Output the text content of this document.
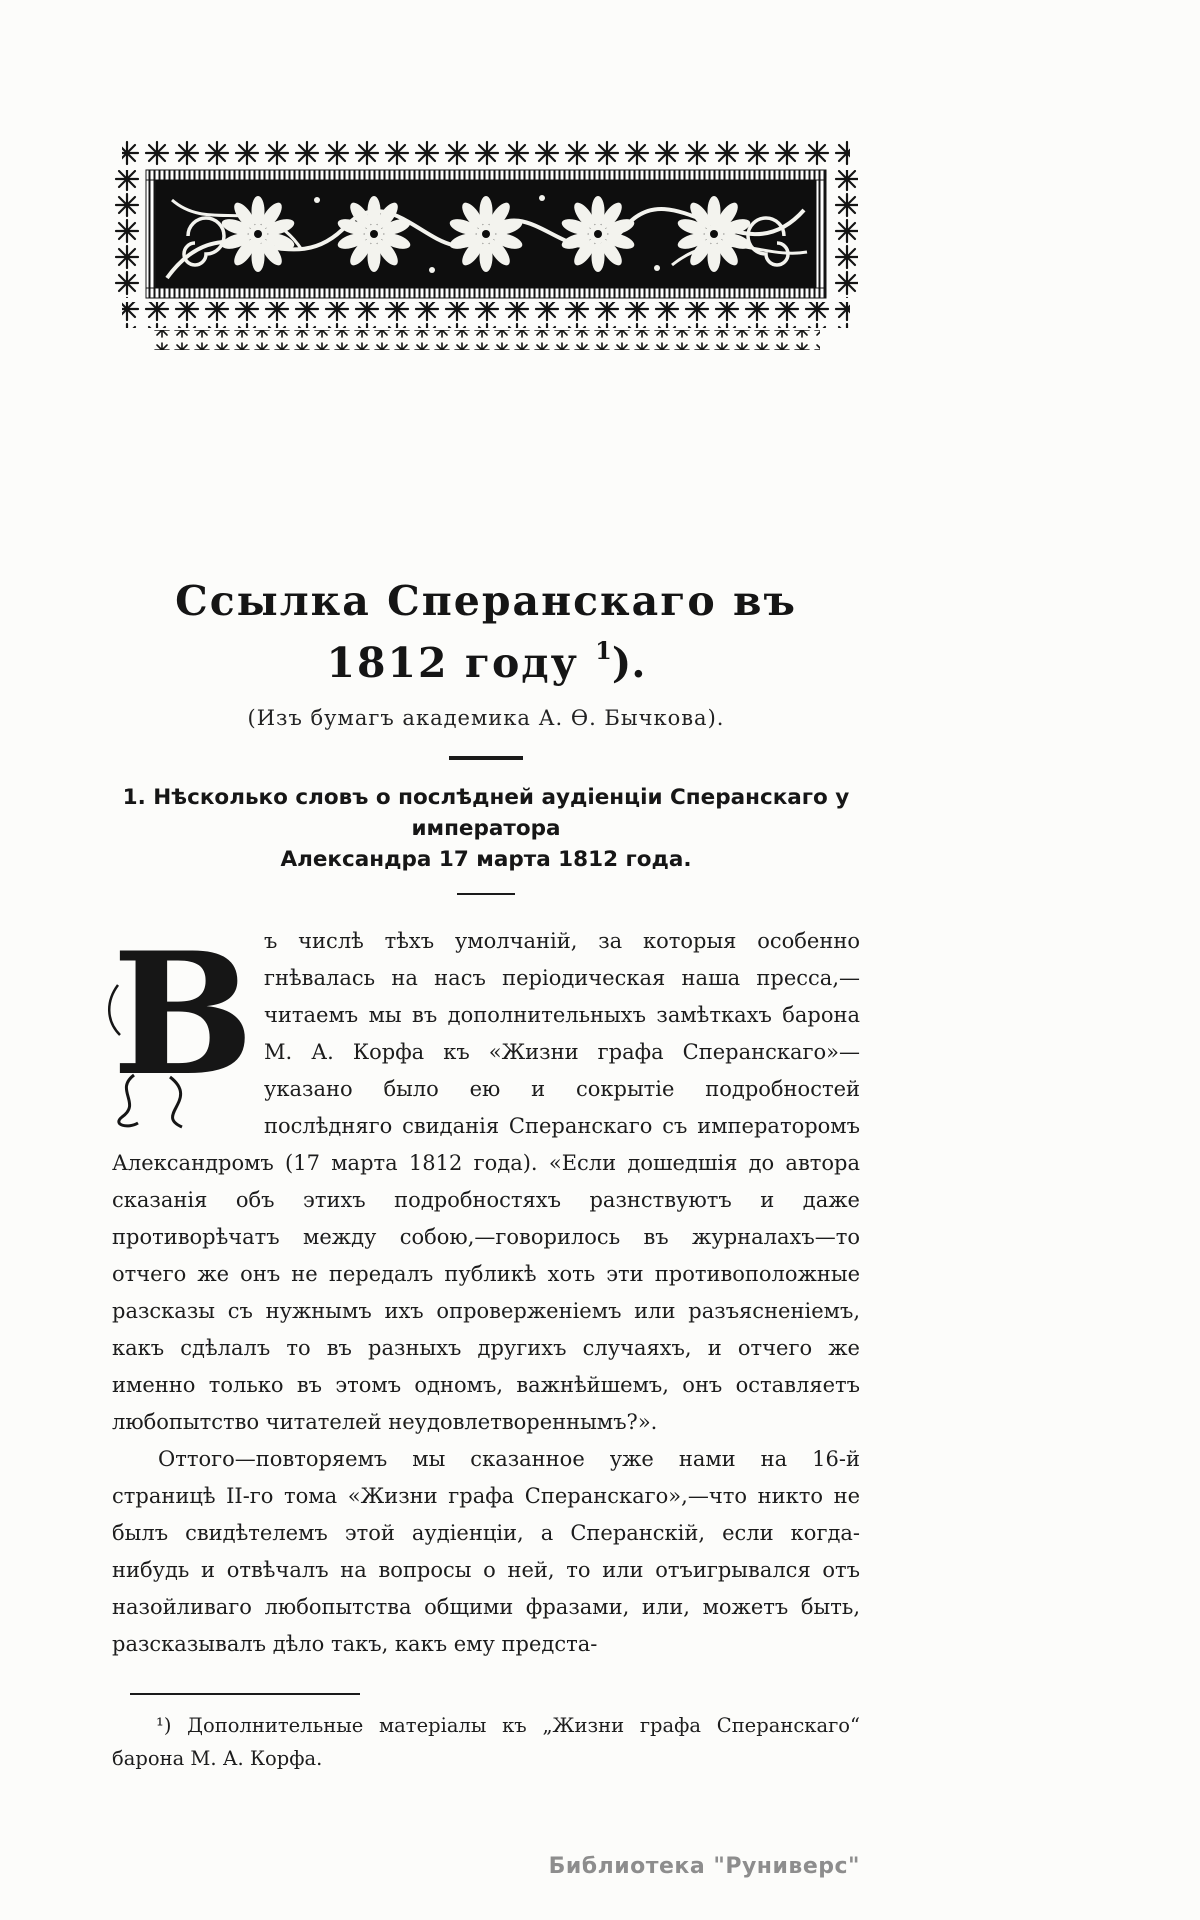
Ссылка Сперанскаго въ 1812 году $^1$).
(Изъ бумагъ академика А. Ѳ. Бычкова).
1. Нѣсколько словъ о послѣдней аудіенціи Сперанскаго у императора
Александра 17 марта 1812 года.

В ъ числѣ тѣхъ умолчаній, за которыя особенно гнѣвалась на насъ періодическая наша пресса,—читаемъ мы въ дополнительныхъ замѣткахъ барона М. А. Корфа къ «Жизни графа Сперанскаго»—указано было ею и сокрытіе подробностей послѣдняго свиданія Сперанскаго съ императоромъ Александромъ (17 марта 1812 года). «Если дошедшія до автора сказанія объ этихъ подробностяхъ разнствуютъ и даже противорѣчатъ между собою,—говорилось въ журналахъ—то отчего же онъ не передалъ публикѣ хоть эти противоположные разсказы съ нужнымъ ихъ опроверженіемъ или разъясненіемъ, какъ сдѣлалъ то въ разныхъ другихъ случаяхъ, и отчего же именно только въ этомъ одномъ, важнѣйшемъ, онъ оставляетъ любопытство читателей неудовлетвореннымъ?».

Оттого—повторяемъ мы сказанное уже нами на 16-й страницѣ II-го тома «Жизни графа Сперанскаго»,—что никто не былъ свидѣтелемъ этой аудіенціи, а Сперанскій, если когда-нибудь и отвѣчалъ на вопросы о ней, то или отъигрывался отъ назойливаго любопытства общими фразами, или, можетъ быть, разсказывалъ дѣло такъ, какъ ему предста-

¹) Дополнительные матеріалы къ „Жизни графа Сперанскаго“ барона М. А. Корфа.

Библиотека "Руниверс"
